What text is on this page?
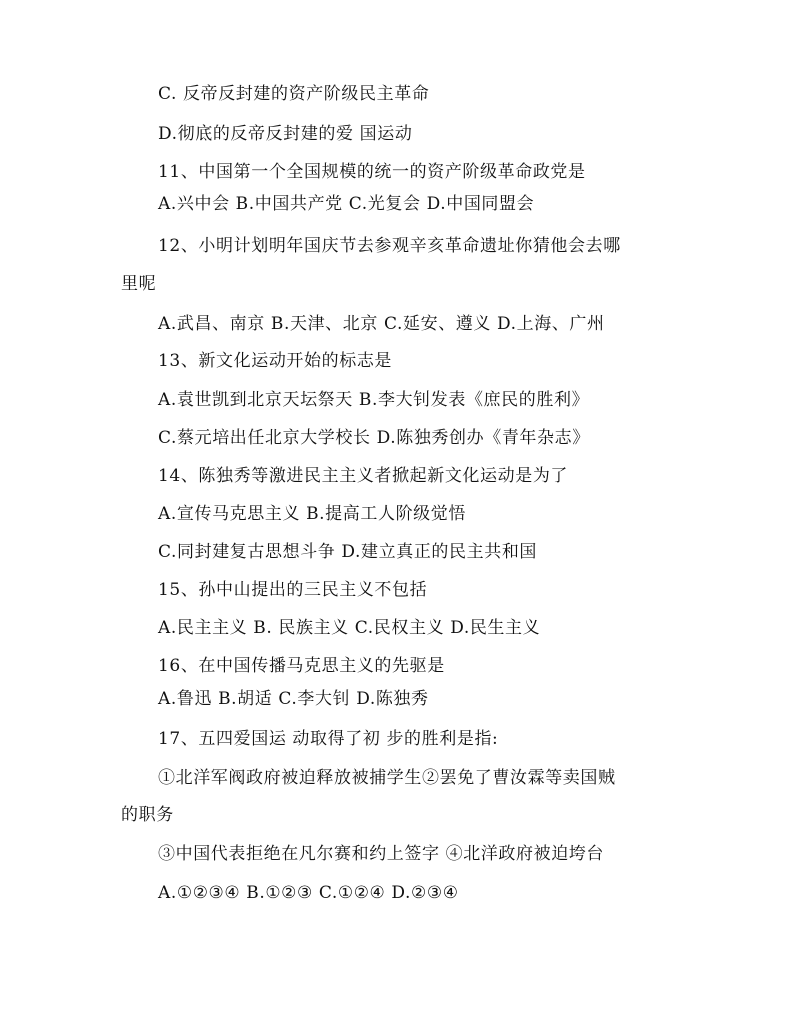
C. 反帝反封建的资产阶级民主革命
D.彻底的反帝反封建的爱 国运动
11、中国第一个全国规模的统一的资产阶级革命政党是
A.兴中会 B.中国共产党 C.光复会 D.中国同盟会
12、小明计划明年国庆节去参观辛亥革命遗址你猜他会去哪
里呢
A.武昌、南京 B.天津、北京 C.延安、遵义 D.上海、广州
13、新文化运动开始的标志是
A.袁世凯到北京天坛祭天 B.李大钊发表《庶民的胜利》
C.蔡元培出任北京大学校长 D.陈独秀创办《青年杂志》
14、陈独秀等激进民主主义者掀起新文化运动是为了
A.宣传马克思主义 B.提高工人阶级觉悟
C.同封建复古思想斗争 D.建立真正的民主共和国
15、孙中山提出的三民主义不包括
A.民主主义 B. 民族主义 C.民权主义 D.民生主义
16、在中国传播马克思主义的先驱是
A.鲁迅 B.胡适 C.李大钊 D.陈独秀
17、五四爱国运 动取得了初 步的胜利是指:
①北洋军阀政府被迫释放被捕学生②罢免了曹汝霖等卖国贼
的职务
③中国代表拒绝在凡尔赛和约上签字 ④北洋政府被迫垮台
A.①②③④ B.①②③ C.①②④ D.②③④
